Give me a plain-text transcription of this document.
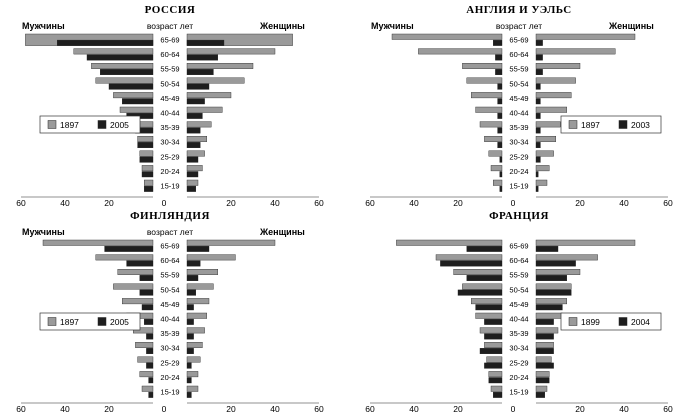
РОССИЯ
Мужчины	Женщины
возраст лет
65-69
60-64
55-59
50-54
45-49
40-44
35-39
30-34
25-29
20-24
15-19
60	40	20	0	20	40	60
1897	2005
АНГЛИЯ И УЭЛЬС
Мужчины	Женщины
возраст лет
65-69
60-64
55-59
50-54
45-49
40-44
35-39
30-34
25-29
20-24
15-19
60	40	20	0	20	40	60
1897	2003
ФИНЛЯНДИЯ
Мужчины	Женщины
возраст лет
65-69
60-64
55-59
50-54
45-49
40-44
35-39
30-34
25-29
20-24
15-19
60	40	20	0	20	40	60
1897	2005
ФРАНЦИЯ
65-69
60-64
55-59
50-54
45-49
40-44
35-39
30-34
25-29
20-24
15-19
60	40	20	0	20	40	60
1899	2004
